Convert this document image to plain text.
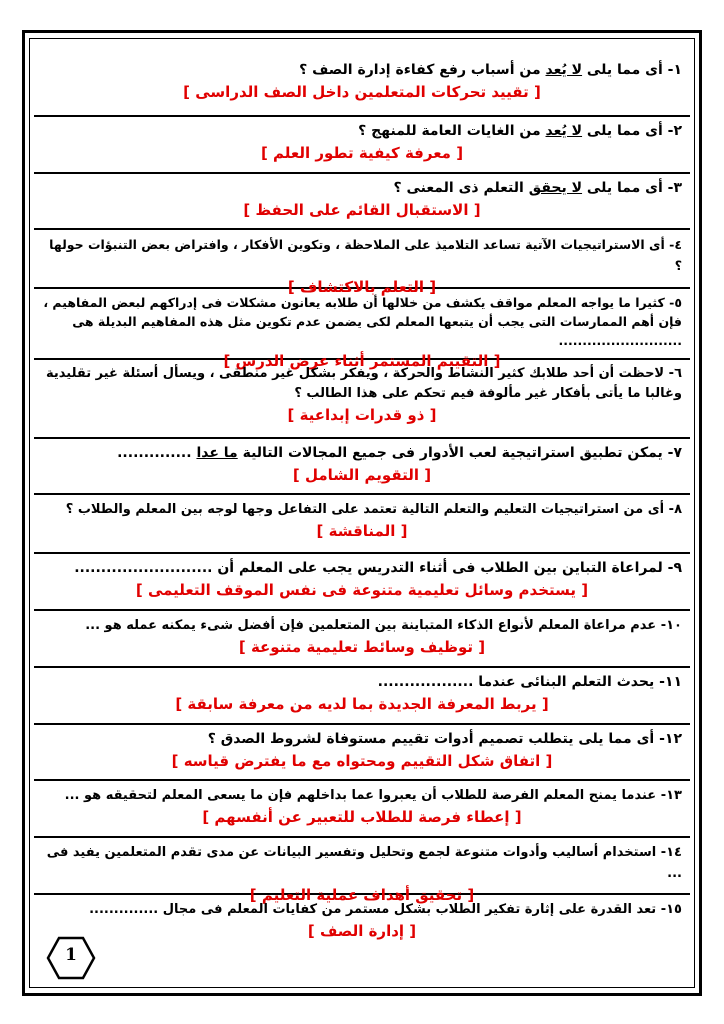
١- أى مما يلى لا يُعد من أسباب رفع كفاءة إدارة الصف ؟
[ تقييد تحركات المتعلمين داخل الصف الدراسى ]
٢- أى مما يلى لا يُعد من الغايات العامة للمنهج ؟
[ معرفة كيفية تطور العلم ]
٣- أى مما يلى لا يحقق التعلم ذى المعنى ؟
[ الاستقبال القائم على الحفظ ]
٤- أى الاستراتيجيات الآتية تساعد التلاميذ على الملاحظة ، وتكوين الأفكار ، وافتراض بعض التنبؤات حولها ؟
[ التعلم بالاكتشاف ]
٥- كثيرا ما يواجه المعلم مواقف يكشف من خلالها أن طلابه يعانون مشكلات فى إدراكهم لبعض المفاهيم ، فإن أهم الممارسات التى يجب أن يتبعها المعلم لكى يضمن عدم تكوين مثل هذه المفاهيم البديلة هى ..........................
[ التقييم المستمر أثناء عرض الدرس ]
٦- لاحظت أن أحد طلابك كثير النشاط والحركة ، ويفكر بشكل غير منطقى ، ويسأل أسئلة غير تقليدية وغالبا ما يأتى بأفكار غير مألوفة فيم تحكم على هذا الطالب ؟
[ ذو قدرات إبداعية ]
٧- يمكن تطبيق استراتيجية لعب الأدوار فى جميع المجالات التالية ما عدا ..............
[ التقويم الشامل ]
٨- أى من استراتيجيات التعليم والتعلم التالية تعتمد على التفاعل وجها لوجه بين المعلم والطلاب ؟
[ المناقشة ]
٩- لمراعاة التباين بين الطلاب فى أثناء التدريس يجب على المعلم أن ..........................
[ يستخدم وسائل تعليمية متنوعة فى نفس الموقف التعليمى ]
١٠- عدم مراعاة المعلم لأنواع الذكاء المتباينة بين المتعلمين فإن أفضل شىء يمكنه عمله هو ...
[ توظيف وسائط تعليمية متنوعة ]
١١- يحدث التعلم البنائى عندما ..................
[ يربط المعرفة الجديدة بما لديه من معرفة سابقة ]
١٢- أى مما يلى يتطلب تصميم أدوات تقييم مستوفاة لشروط الصدق ؟
[ اتفاق شكل التقييم ومحتواه مع ما يفترض قياسه ]
١٣- عندما يمنح المعلم الفرصة للطلاب أن يعبروا عما بداخلهم فإن ما يسعى المعلم لتحقيقه هو ...
[ إعطاء فرصة للطلاب للتعبير عن أنفسهم ]
١٤- استخدام أساليب وأدوات متنوعة لجمع وتحليل وتفسير البيانات عن مدى تقدم المتعلمين يفيد فى ...
[ تحقيق أهداف عملية التعليم ]
١٥- تعد القدرة على إثارة تفكير الطلاب بشكل مستمر من كفايات المعلم فى مجال ..............
[ إدارة الصف ]
1
